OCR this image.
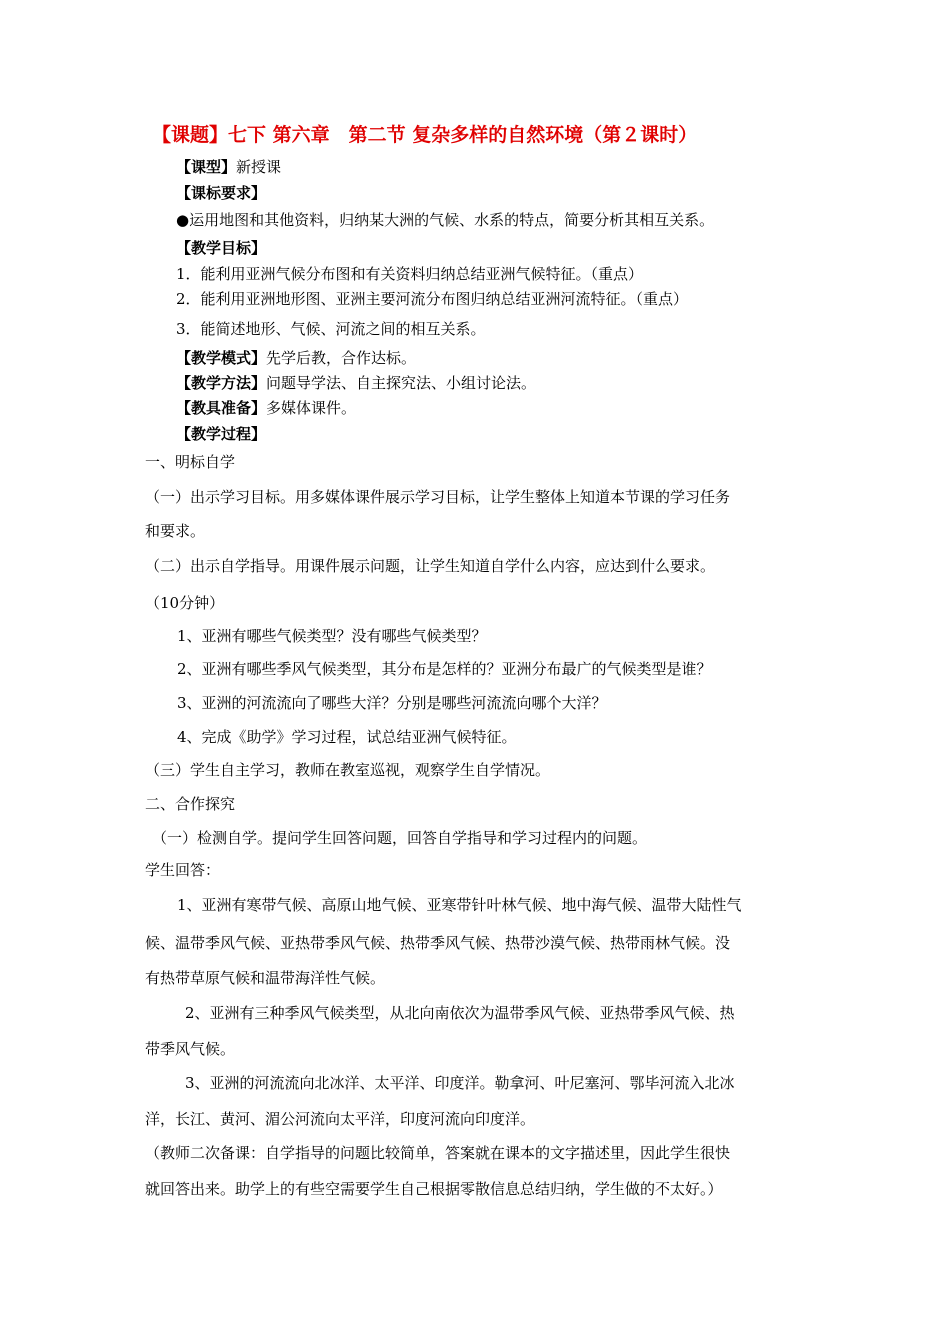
【课题】七下 第六章　第二节 复杂多样的自然环境（第２课时）
【课型】新授课
【课标要求】
●运用地图和其他资料，归纳某大洲的气候、水系的特点，简要分析其相互关系。
【教学目标】
1．能利用亚洲气候分布图和有关资料归纳总结亚洲气候特征。（重点）
2．能利用亚洲地形图、亚洲主要河流分布图归纳总结亚洲河流特征。（重点）
3．能简述地形、气候、河流之间的相互关系。
【教学模式】先学后教，合作达标。
【教学方法】问题导学法、自主探究法、小组讨论法。
【教具准备】多媒体课件。
【教学过程】
一、明标自学
（一）出示学习目标。用多媒体课件展示学习目标，让学生整体上知道本节课的学习任务
和要求。
（二）出示自学指导。用课件展示问题，让学生知道自学什么内容，应达到什么要求。
（10分钟）
1、亚洲有哪些气候类型？没有哪些气候类型？
2、亚洲有哪些季风气候类型，其分布是怎样的？亚洲分布最广的气候类型是谁？
3、亚洲的河流流向了哪些大洋？分别是哪些河流流向哪个大洋？
4、完成《助学》学习过程，试总结亚洲气候特征。
（三）学生自主学习，教师在教室巡视，观察学生自学情况。
二、合作探究
（一）检测自学。提问学生回答问题，回答自学指导和学习过程内的问题。
学生回答：
1、亚洲有寒带气候、高原山地气候、亚寒带针叶林气候、地中海气候、温带大陆性气
候、温带季风气候、亚热带季风气候、热带季风气候、热带沙漠气候、热带雨林气候。没
有热带草原气候和温带海洋性气候。
2、亚洲有三种季风气候类型，从北向南依次为温带季风气候、亚热带季风气候、热
带季风气候。
3、亚洲的河流流向北冰洋、太平洋、印度洋。勒拿河、叶尼塞河、鄂毕河流入北冰
洋，长江、黄河、湄公河流向太平洋，印度河流向印度洋。
（教师二次备课：自学指导的问题比较简单，答案就在课本的文字描述里，因此学生很快
就回答出来。助学上的有些空需要学生自己根据零散信息总结归纳，学生做的不太好。）
